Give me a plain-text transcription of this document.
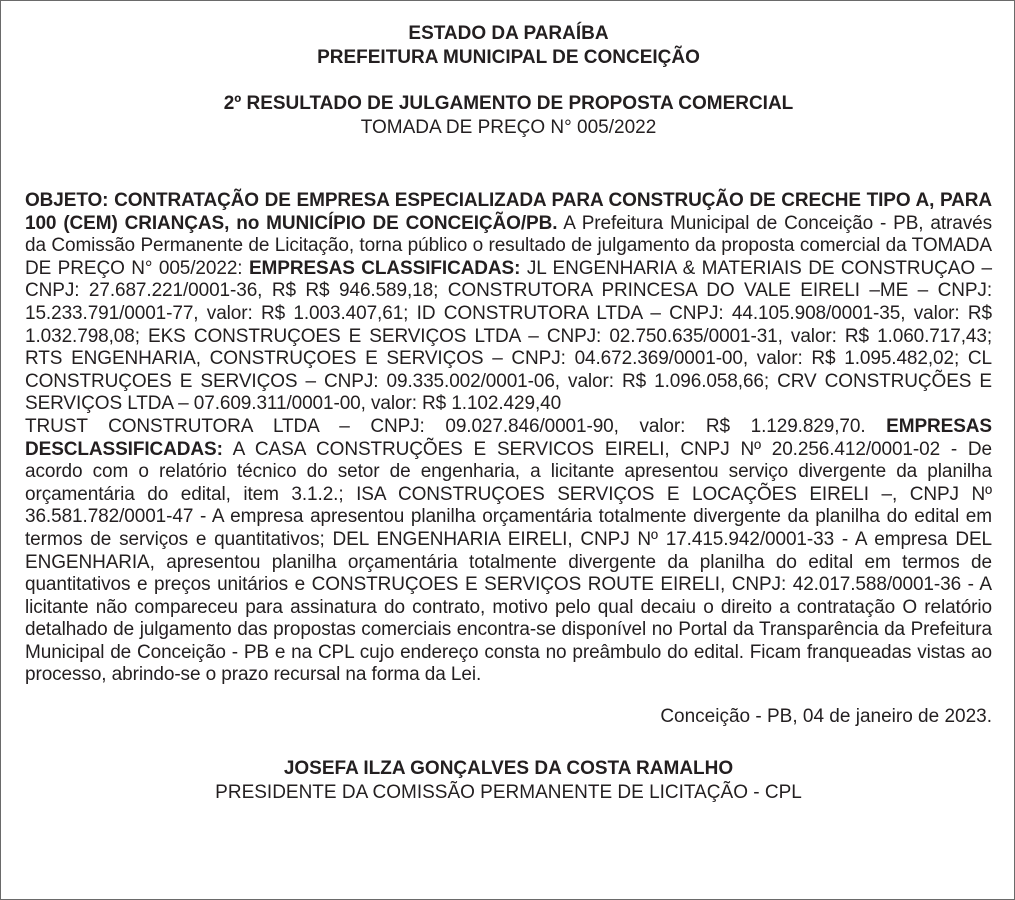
ESTADO DA PARAÍBA
PREFEITURA MUNICIPAL DE CONCEIÇÃO
2º RESULTADO DE JULGAMENTO DE PROPOSTA COMERCIAL
TOMADA DE PREÇO N° 005/2022
OBJETO: CONTRATAÇÃO DE EMPRESA ESPECIALIZADA PARA CONSTRUÇÃO DE CRECHE TIPO A, PARA 100 (CEM) CRIANÇAS, no MUNICÍPIO DE CONCEIÇÃO/PB. A Prefeitura Municipal de Conceição - PB, através da Comissão Permanente de Licitação, torna público o resultado de julgamento da proposta comercial da TOMADA DE PREÇO N° 005/2022: EMPRESAS CLASSIFICADAS: JL ENGENHARIA & MATERIAIS DE CONSTRUÇAO – CNPJ: 27.687.221/0001-36, R$ R$ 946.589,18; CONSTRUTORA PRINCESA DO VALE EIRELI –ME – CNPJ: 15.233.791/0001-77, valor: R$ 1.003.407,61; ID CONSTRUTORA LTDA – CNPJ: 44.105.908/0001-35, valor: R$ 1.032.798,08; EKS CONSTRUÇOES E SERVIÇOS LTDA – CNPJ: 02.750.635/0001-31, valor: R$ 1.060.717,43; RTS ENGENHARIA, CONSTRUÇOES E SERVIÇOS – CNPJ: 04.672.369/0001-00, valor: R$ 1.095.482,02; CL CONSTRUÇOES E SERVIÇOS – CNPJ: 09.335.002/0001-06, valor: R$ 1.096.058,66; CRV CONSTRUÇÕES E SERVIÇOS LTDA – 07.609.311/0001-00, valor: R$ 1.102.429,40
TRUST CONSTRUTORA LTDA – CNPJ: 09.027.846/0001-90, valor: R$ 1.129.829,70. EMPRESAS DESCLASSIFICADAS: A CASA CONSTRUÇÕES E SERVICOS EIRELI, CNPJ Nº 20.256.412/0001-02 - De acordo com o relatório técnico do setor de engenharia, a licitante apresentou serviço divergente da planilha orçamentária do edital, item 3.1.2.; ISA CONSTRUÇOES SERVIÇOS E LOCAÇÕES EIRELI –, CNPJ Nº 36.581.782/0001-47 - A empresa apresentou planilha orçamentária totalmente divergente da planilha do edital em termos de serviços e quantitativos; DEL ENGENHARIA EIRELI, CNPJ Nº 17.415.942/0001-33 - A empresa DEL ENGENHARIA, apresentou planilha orçamentária totalmente divergente da planilha do edital em termos de quantitativos e preços unitários e CONSTRUÇOES E SERVIÇOS ROUTE EIRELI, CNPJ: 42.017.588/0001-36 - A licitante não compareceu para assinatura do contrato, motivo pelo qual decaiu o direito a contratação O relatório detalhado de julgamento das propostas comerciais encontra-se disponível no Portal da Transparência da Prefeitura Municipal de Conceição - PB e na CPL cujo endereço consta no preâmbulo do edital. Ficam franqueadas vistas ao processo, abrindo-se o prazo recursal na forma da Lei.
Conceição - PB, 04 de janeiro de 2023.
JOSEFA ILZA GONÇALVES DA COSTA RAMALHO
PRESIDENTE DA COMISSÃO PERMANENTE DE LICITAÇÃO - CPL
